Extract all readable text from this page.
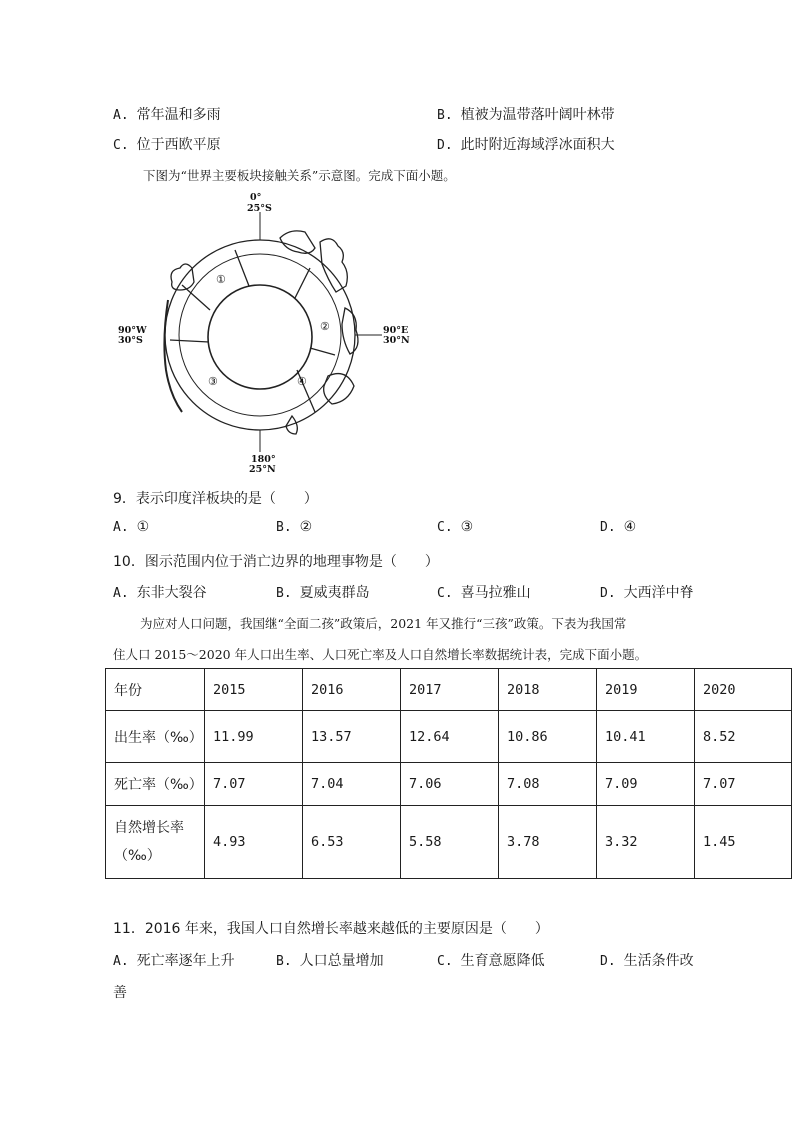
A. 常年温和多雨	B. 植被为温带落叶阔叶林带
C. 位于西欧平原	D. 此时附近海域浮冰面积大
下图为“世界主要板块接触关系”示意图。完成下面小题。
①
②
③	④
0°
25°S
90°W
30°S
90°E
30°N
180°
25°N
9．表示印度洋板块的是（　　）
A. ①	B. ②	C. ③	D. ④
10．图示范围内位于消亡边界的地理事物是（　　）
A. 东非大裂谷	B. 夏威夷群岛	C. 喜马拉雅山	D. 大西洋中脊
为应对人口问题，我国继“全面二孩”政策后，2021 年又推行“三孩”政策。下表为我国常
住人口 2015～2020 年人口出生率、人口死亡率及人口自然增长率数据统计表，完成下面小题。
年份	2015	2016	2017	2018	2019	2020
出生率（‰）	11.99	13.57	12.64	10.86	10.41	8.52
死亡率（‰）	7.07	7.04	7.06	7.08	7.09	7.07

自然增长率
（‰）	4.93	6.53	5.58	3.78	3.32	1.45
11．2016 年来，我国人口自然增长率越来越低的主要原因是（　　）
A. 死亡率逐年上升	B. 人口总量增加	C. 生育意愿降低	D. 生活条件改
善
